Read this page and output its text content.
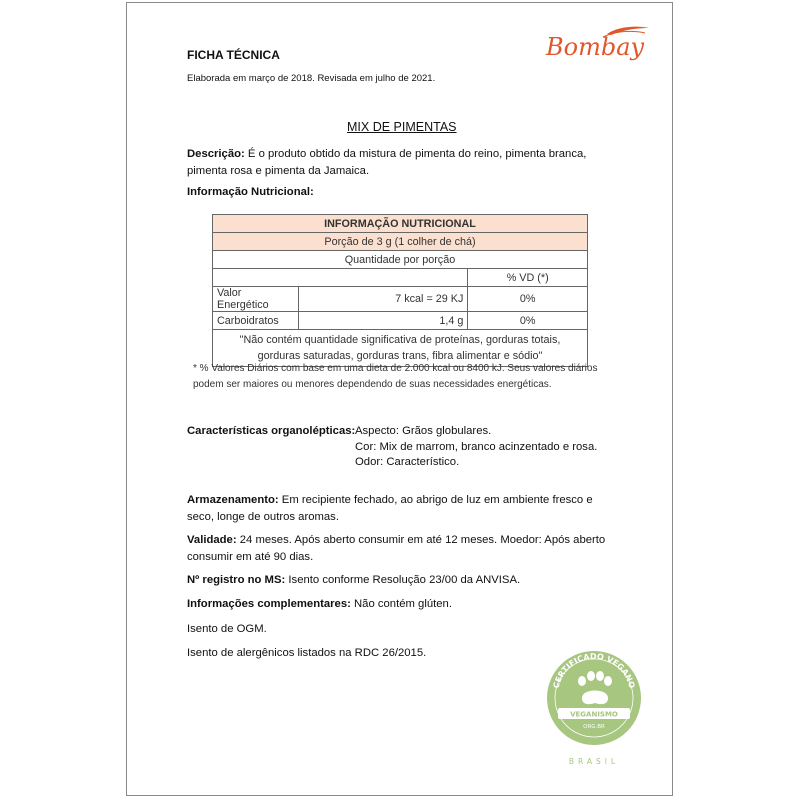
FICHA TÉCNICA
Elaborada em março de 2018. Revisada em julho de 2021.
Bombay
MIX DE PIMENTAS
Descrição: É o produto obtido da mistura de pimenta do reino, pimenta branca, pimenta rosa e pimenta da Jamaica.
Informação Nutricional:
INFORMAÇÃO NUTRICIONAL		
Porção de 3 g (1 colher de chá)		
Quantidade por porção		
		% VD (*)
Valor Energético	7 kcal = 29 KJ	0%
Carboidratos	1,4 g	0%
"Não contém quantidade significativa de proteínas, gorduras totais, gorduras saturadas, gorduras trans, fibra alimentar e sódio"		
* % Valores Diários com base em uma dieta de 2.000 kcal ou 8400 kJ. Seus valores diários podem ser maiores ou menores dependendo de suas necessidades energéticas.
Características organolépticas: Aspecto: Grãos globulares.
Cor: Mix de marrom, branco acinzentado e rosa.
Odor: Característico.
Armazenamento: Em recipiente fechado, ao abrigo de luz em ambiente fresco e seco, longe de outros aromas.
Validade: 24 meses. Após aberto consumir em até 12 meses. Moedor: Após aberto consumir em até 90 dias.
Nº registro no MS: Isento conforme Resolução 23/00 da ANVISA.
Informações complementares: Não contém glúten.
Isento de OGM.
Isento de alergênicos listados na RDC 26/2015.
CERTIFICADO VEGANO
VEGANISMO
ORG.BR
BRASIL
